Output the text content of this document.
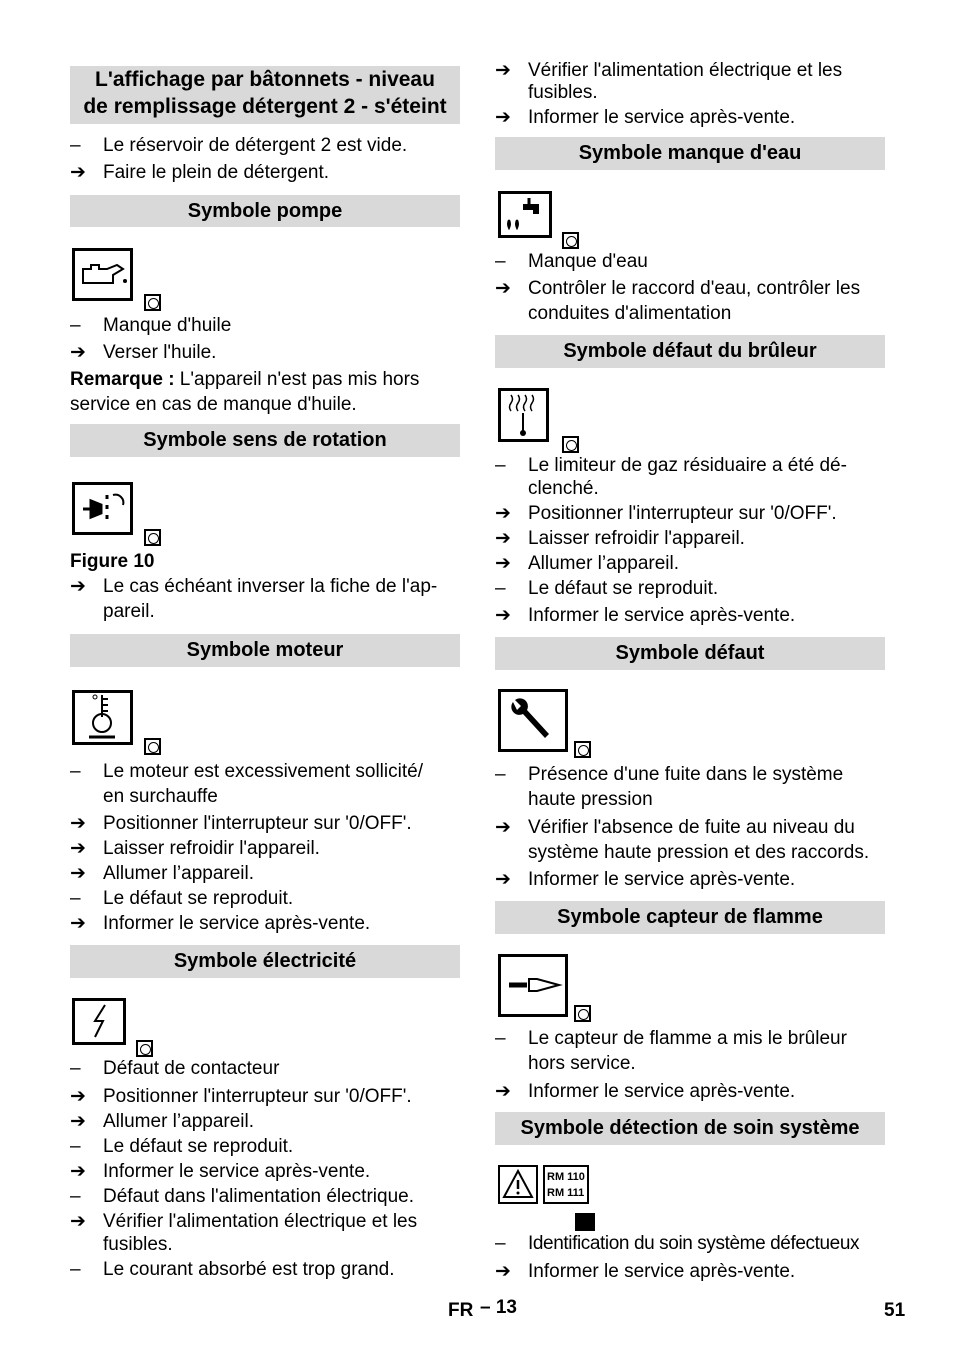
L'affichage par bâtonnets - niveau
de remplissage détergent 2 - s'éteint
–	Le réservoir de détergent 2 est vide.
➔ Faire le plein de détergent.
Symbole pompe
–	Manque d'huile
➔ Verser l'huile.
Remarque : L'appareil n'est pas mis hors
service en cas de manque d'huile.
Symbole sens de rotation
Figure 10
➔ Le cas échéant inverser la fiche de l'ap-
pareil.
Symbole moteur
–	Le moteur est excessivement sollicité/
en surchauffe
➔ Positionner l'interrupteur sur '0/OFF'.
➔ Laisser refroidir l'appareil.
➔ Allumer l’appareil.
–	Le défaut se reproduit.
➔ Informer le service après-vente.
Symbole électricité
–	Défaut de contacteur
➔ Positionner l'interrupteur sur '0/OFF'.
➔ Allumer l’appareil.
–	Le défaut se reproduit.
➔ Informer le service après-vente.
–	Défaut dans l'alimentation électrique.
➔ Vérifier l'alimentation électrique et les
fusibles.
–	Le courant absorbé est trop grand.
➔ Vérifier l'alimentation électrique et les
fusibles.
➔ Informer le service après-vente.
Symbole manque d'eau
–	Manque d'eau
➔ Contrôler le raccord d'eau, contrôler les
conduites d'alimentation
Symbole défaut du brûleur
–	Le limiteur de gaz résiduaire a été dé-
clenché.
➔ Positionner l'interrupteur sur '0/OFF'.
➔ Laisser refroidir l'appareil.
➔ Allumer l’appareil.
–	Le défaut se reproduit.
➔ Informer le service après-vente.
Symbole défaut
–	Présence d'une fuite dans le système
haute pression
➔ Vérifier l'absence de fuite au niveau du
système haute pression et des raccords.
➔ Informer le service après-vente.
Symbole capteur de flamme
–	Le capteur de flamme a mis le brûleur
hors service.
➔ Informer le service après-vente.
Symbole détection de soin système
RM 110
RM 111
–	Identification du soin système défectueux
➔ Informer le service après-vente.
FR – 13	51
